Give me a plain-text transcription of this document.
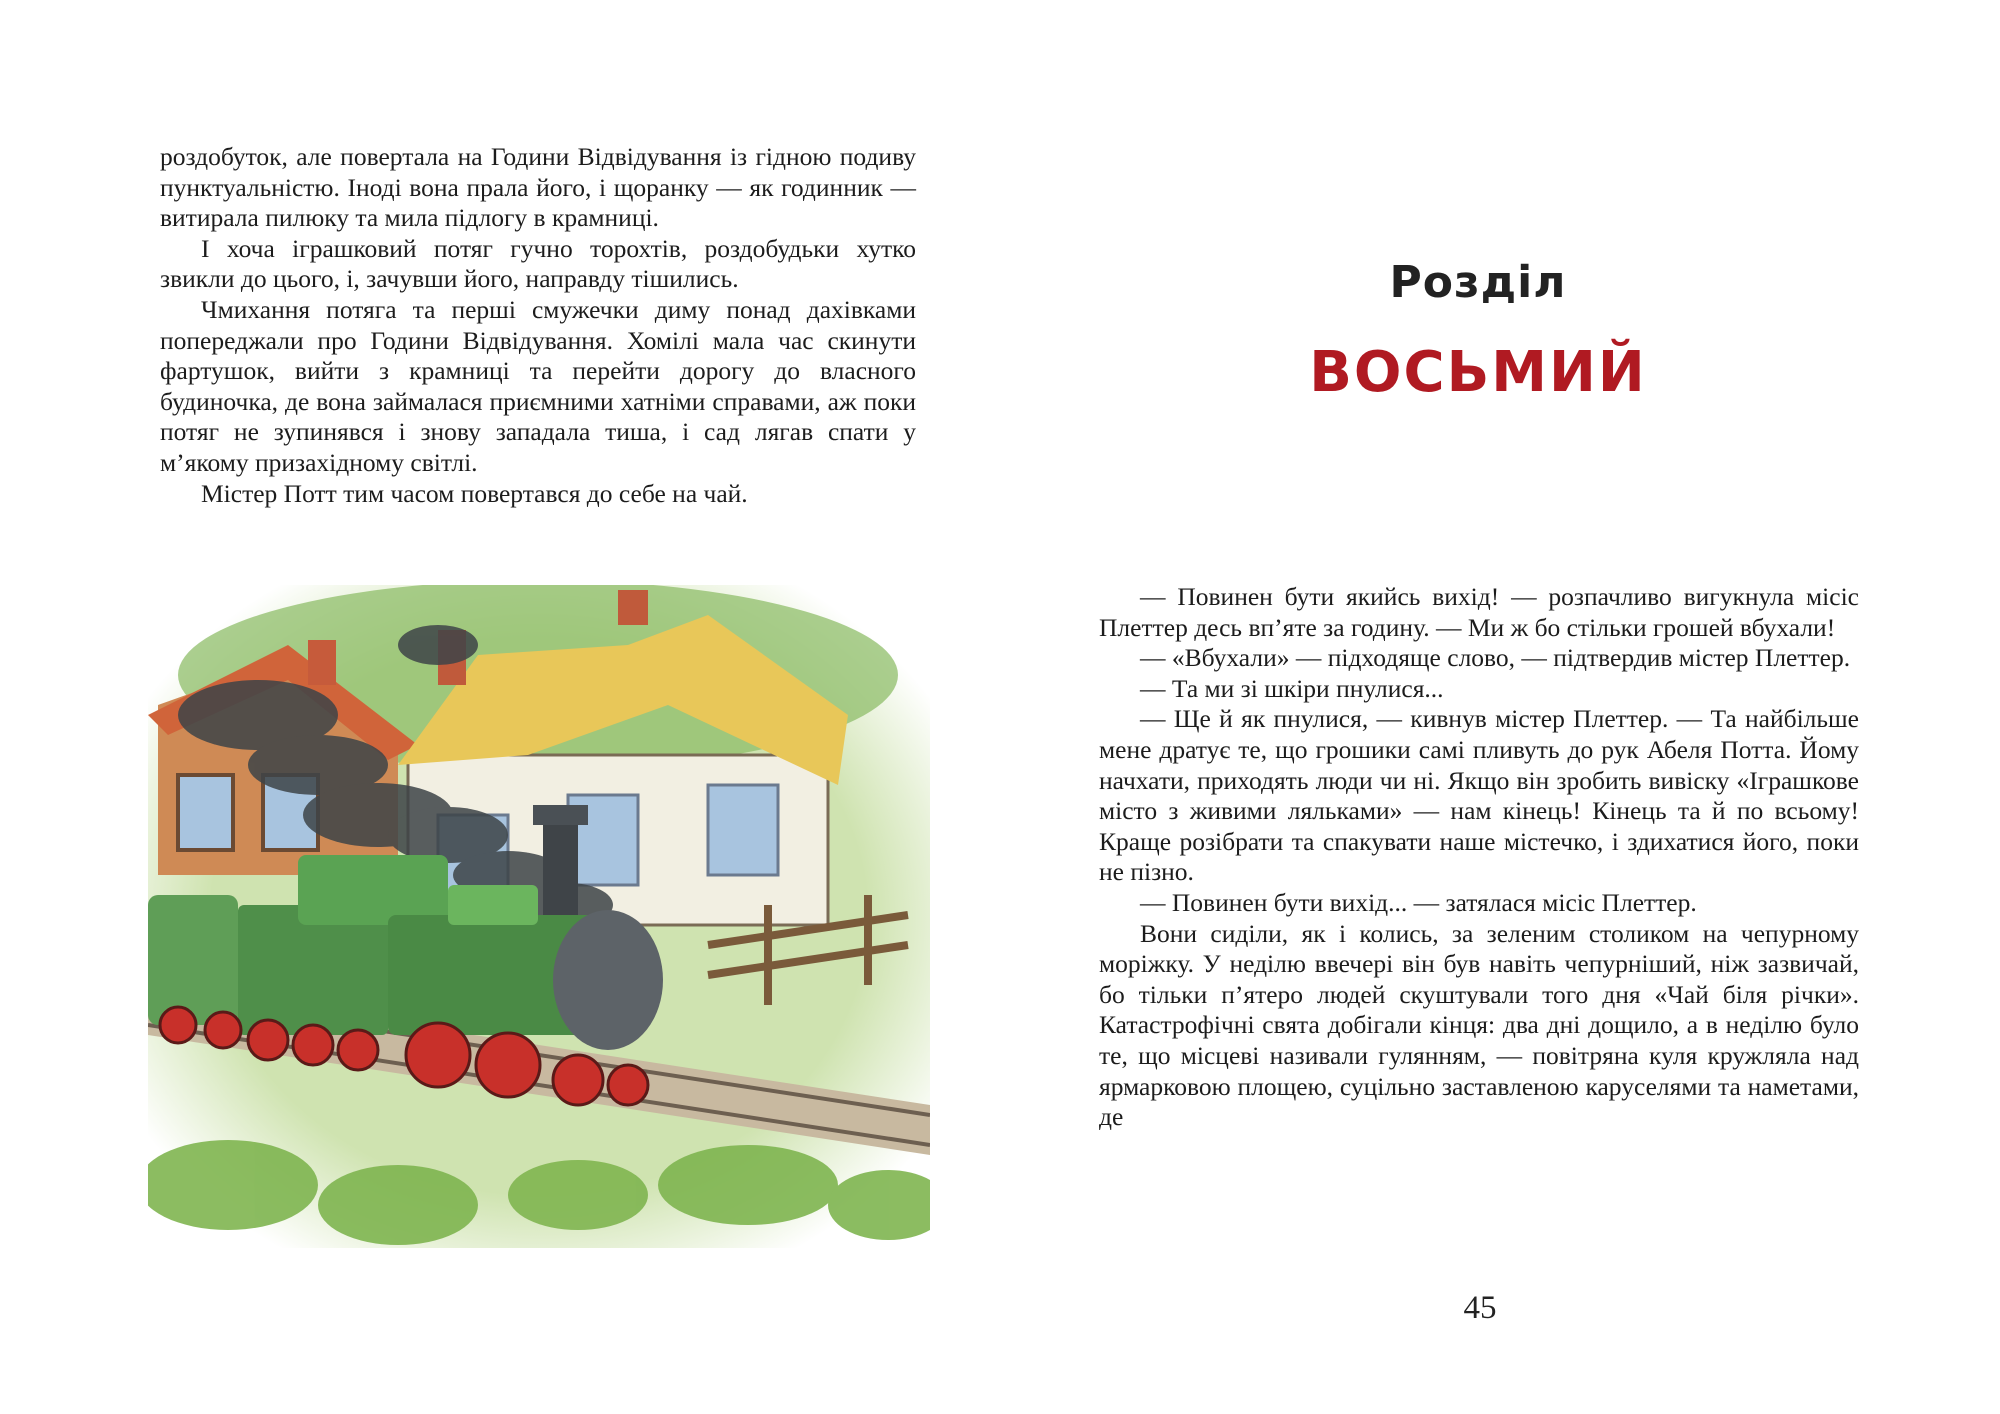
роздобуток, але повертала на Години Відвідування із гідною подиву пунктуальністю. Іноді вона прала його, і щоранку — як годинник — витирала пилюку та мила підлогу в крамниці.

І хоча іграшковий потяг гучно торохтів, роздобудьки хутко звикли до цього, і, зачувши його, направду тішились.

Чмихання потяга та перші смужечки диму понад дахівками попереджали про Години Відвідування. Хомілі мала час скинути фартушок, вийти з крамниці та перейти дорогу до власного будиночка, де вона займалася приємними хатніми справами, аж поки потяг не зупинявся і знову западала тиша, і сад лягав спати у м’якому призахідному світлі.

Містер Потт тим часом повертався до себе на чай.

Розділ
ВОСЬМИЙ

— Повинен бути якийсь вихід! — розпачливо вигукнула місіс Плеттер десь вп’яте за годину. — Ми ж бо стільки грошей вбухали!

— «Вбухали» — підходяще слово, — підтвердив містер Плеттер.

— Та ми зі шкіри пнулися...

— Ще й як пнулися, — кивнув містер Плеттер. — Та найбільше мене дратує те, що грошики самі пливуть до рук Абеля Потта. Йому начхати, приходять люди чи ні. Якщо він зробить вивіску «Іграшкове місто з живими ляльками» — нам кінець! Кінець та й по всьому! Краще розібрати та спакувати наше містечко, і здихатися його, поки не пізно.

— Повинен бути вихід... — затялася місіс Плеттер.

Вони сиділи, як і колись, за зеленим столиком на чепурному моріжку. У неділю ввечері він був навіть чепурніший, ніж зазвичай, бо тільки п’ятеро людей скуштували того дня «Чай біля річки». Катастрофічні свята добігали кінця: два дні дощило, а в неділю було те, що місцеві називали гулянням, — повітряна куля кружляла над ярмарковою площею, суцільно заставленою каруселями та наметами, де

45
